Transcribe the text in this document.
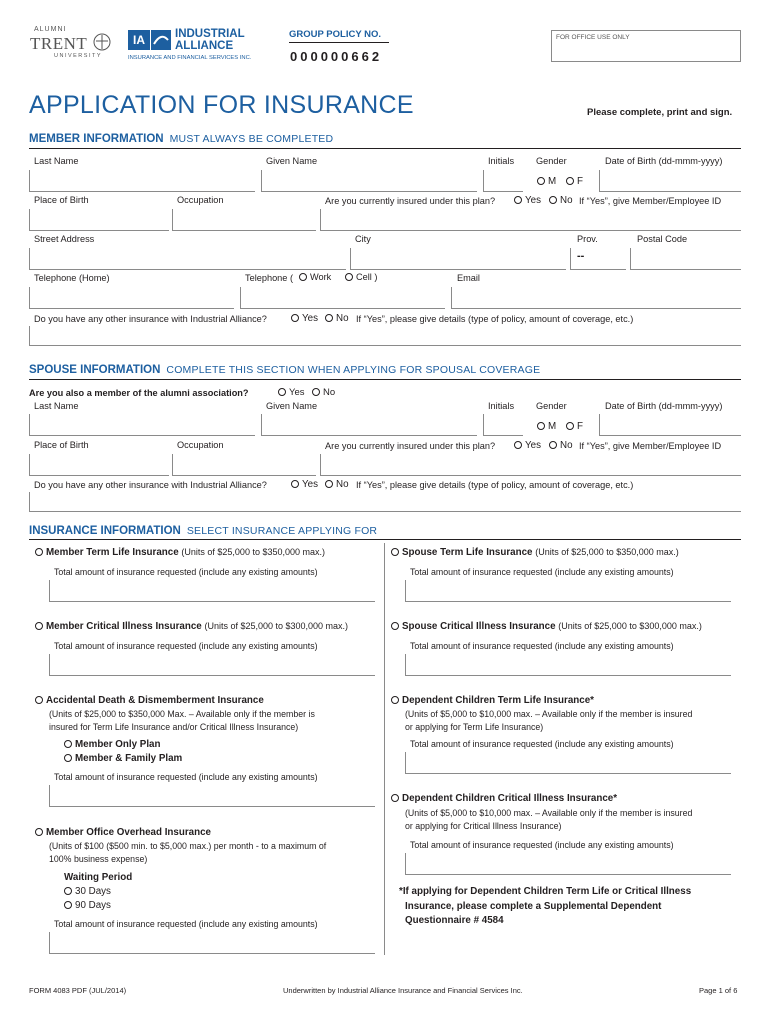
ALUMNI
TRENT
UNIVERSITY
IA	INDUSTRIAL
ALLIANCE
INSURANCE AND FINANCIAL SERVICES INC.
GROUP POLICY NO.
000000662
FOR OFFICE USE ONLY
APPLICATION FOR INSURANCE	Please complete, print and sign.
MEMBER INFORMATION MUST ALWAYS BE COMPLETED
Last Name	Given Name	Initials Gender	Date of Birth (dd-mmm-yyyy)
M	F
Place of Birth	Occupation	Are you currently insured under this plan?	Yes	No If “Yes”, give Member/Employee ID
Street Address	City	Prov.	Postal Code
--
Telephone (Home)	Telephone (	Work	Cell )	Email
Do you have any other insurance with Industrial Alliance?	Yes	No If “Yes”, please give details (type of policy, amount of coverage, etc.)
SPOUSE INFORMATION COMPLETE THIS SECTION WHEN APPLYING FOR SPOUSAL COVERAGE
Are you also a member of the alumni association?	Yes	No
Last Name	Given Name	Initials Gender	Date of Birth (dd-mmm-yyyy)
M	F
Place of Birth	Occupation	Are you currently insured under this plan?	Yes	No If “Yes”, give Member/Employee ID
Do you have any other insurance with Industrial Alliance?	Yes	No If “Yes”, please give details (type of policy, amount of coverage, etc.)
INSURANCE INFORMATION SELECT INSURANCE APPLYING FOR
Member Term Life Insurance (Units of $25,000 to $350,000 max.)
Total amount of insurance requested (include any existing amounts)
Member Critical Illness Insurance (Units of $25,000 to $300,000 max.)
Total amount of insurance requested (include any existing amounts)
Accidental Death & Dismemberment Insurance
(Units of $25,000 to $350,000 Max. – Available only if the member is
insured for Term Life Insurance and/or Critical Illness Insurance)
Member Only Plan
Member & Family Plam
Total amount of insurance requested (include any existing amounts)
Member Office Overhead Insurance
(Units of $100 ($500 min. to $5,000 max.) per month - to a maximum of
100% business expense)
Waiting Period
30 Days
90 Days
Total amount of insurance requested (include any existing amounts)
Spouse Term Life Insurance (Units of $25,000 to $350,000 max.)
Total amount of insurance requested (include any existing amounts)
Spouse Critical Illness Insurance (Units of $25,000 to $300,000 max.)
Total amount of insurance requested (include any existing amounts)
Dependent Children Term Life Insurance*
(Units of $5,000 to $10,000 max. – Available only if the member is insured
or applying for Term Life Insurance)
Total amount of insurance requested (include any existing amounts)
Dependent Children Critical Illness Insurance*
(Units of $5,000 to $10,000 max. – Available only if the member is insured
or applying for Critical Illness Insurance)
Total amount of insurance requested (include any existing amounts)
*If applying for Dependent Children Term Life or Critical Illness
Insurance, please complete a Supplemental Dependent
Questionnaire # 4584
FORM 4083 PDF (JUL/2014)	Underwritten by Industrial Alliance Insurance and Financial Services Inc.	Page 1 of 6
